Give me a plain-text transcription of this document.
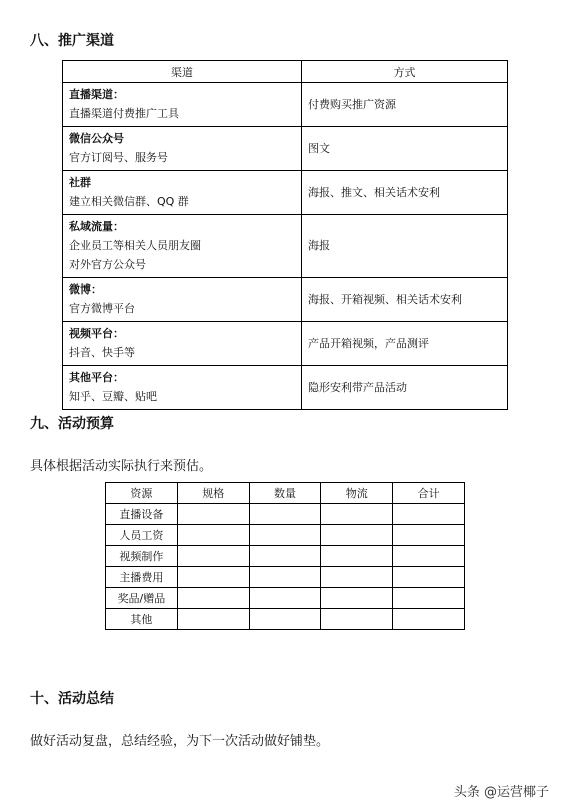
八、推广渠道
渠道	方式

直播渠道：
直播渠道付费推广工具	付费购买推广资源

微信公众号
官方订阅号、服务号	图文

社群
建立相关微信群、QQ 群	海报、推文、相关话术安利

私域流量：
企业员工等相关人员朋友圈
对外官方公众号	海报

微博：
官方微博平台	海报、开箱视频、相关话术安利

视频平台：
抖音、快手等	产品开箱视频，产品测评

其他平台：
知乎、豆瓣、贴吧	隐形安利带产品活动
九、活动预算

具体根据活动实际执行来预估。

资源	规格	数量	物流	合计
直播设备				
人员工资				
视频制作				
主播费用				
奖品/赠品				
其他				
十、活动总结

做好活动复盘，总结经验，为下一次活动做好铺垫。

头条 @运营椰子
